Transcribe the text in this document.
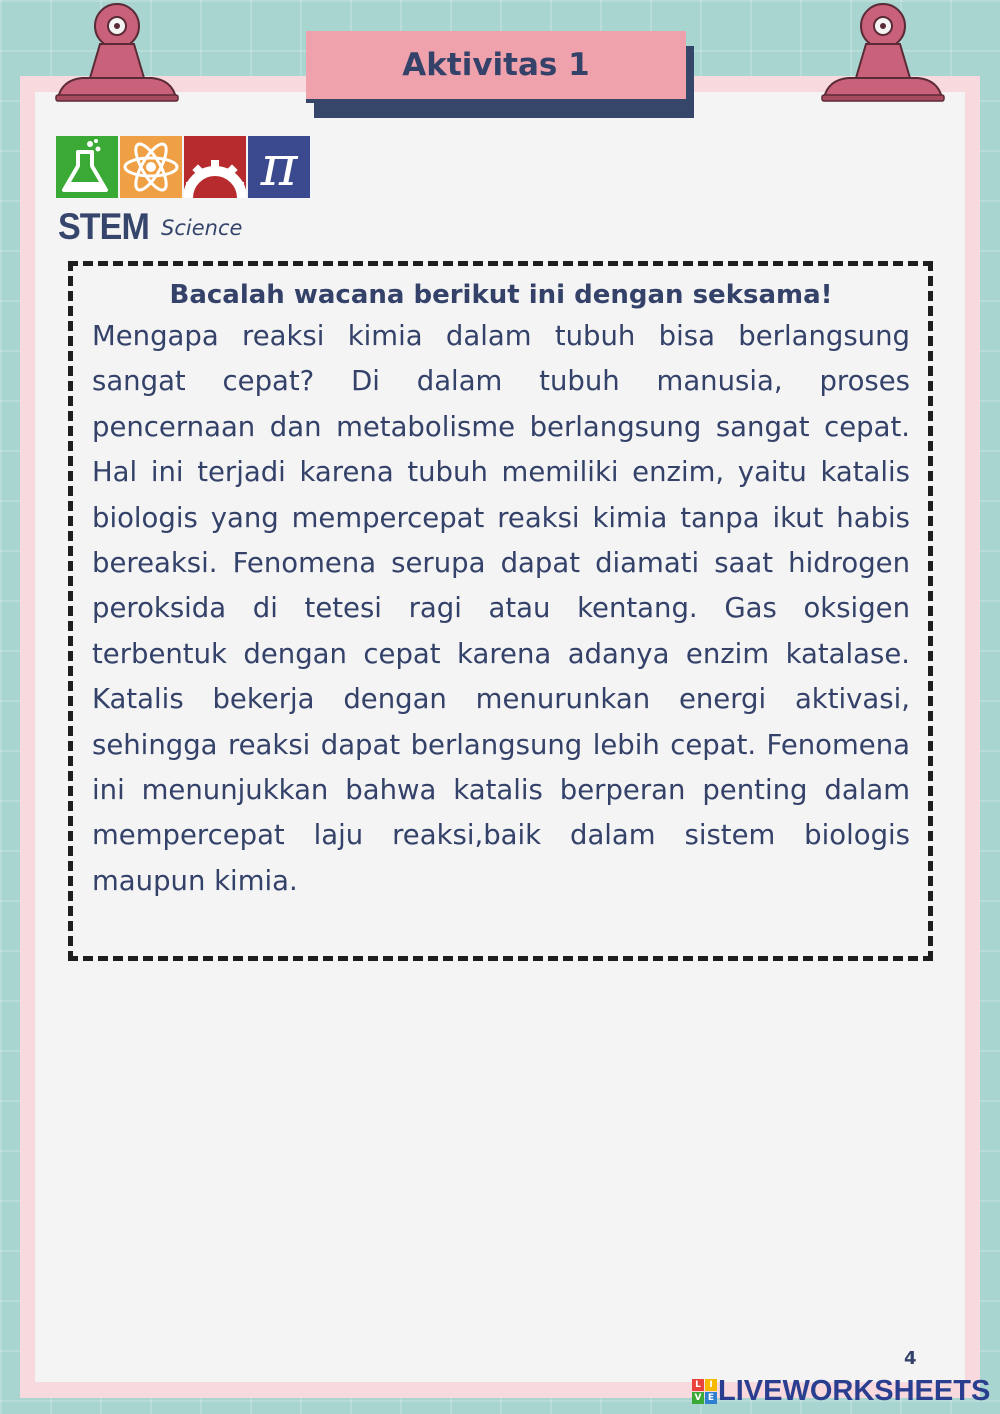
Aktivitas 1
π
STEM Science

Bacalah wacana berikut ini dengan seksama!

Mengapa reaksi kimia dalam tubuh bisa berlangsung sangat cepat? Di dalam tubuh manusia, proses pencernaan dan metabolisme berlangsung sangat cepat. Hal ini terjadi karena tubuh memiliki enzim, yaitu katalis biologis yang mempercepat reaksi kimia tanpa ikut habis bereaksi. Fenomena serupa dapat diamati saat hidrogen peroksida di tetesi ragi atau kentang. Gas oksigen terbentuk dengan cepat karena adanya enzim katalase. Katalis bekerja dengan menurunkan energi aktivasi, sehingga reaksi dapat berlangsung lebih cepat. Fenomena ini menunjukkan bahwa katalis berperan penting dalam mempercepat laju reaksi,baik dalam sistem biologis maupun kimia.

4
L I
V E LIVEWORKSHEETS
